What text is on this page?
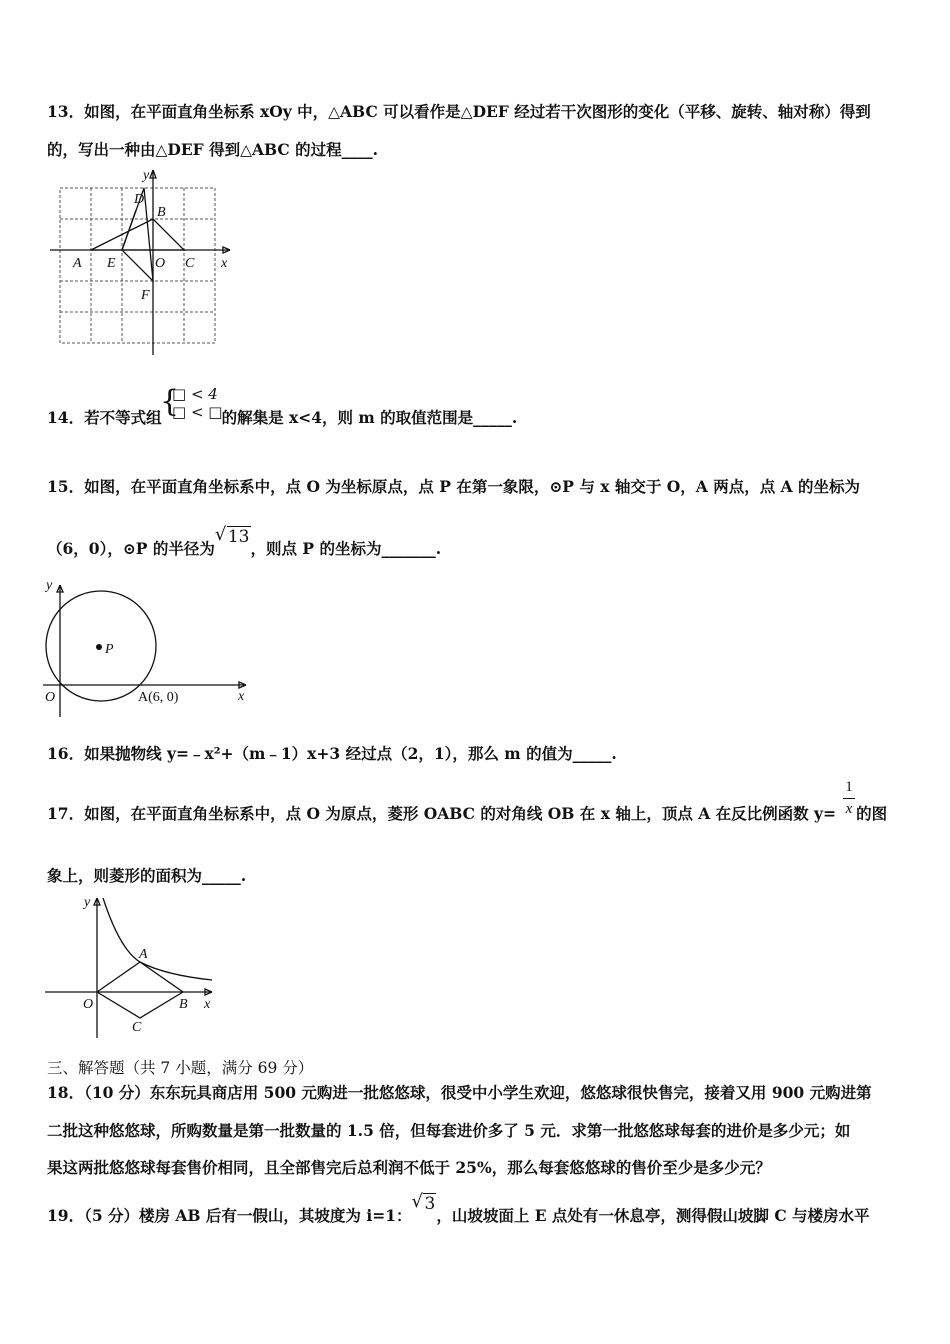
13．如图，在平面直角坐标系 xOy 中，△ABC 可以看作是△DEF 经过若干次图形的变化（平移、旋转、轴对称）得到
的，写出一种由△DEF 得到△ABC 的过程____.
y
x
D
B
A E	O C
F
14．若不等式组	的解集是 x<4，则 m 的取值范围是_____.
{
□ < 4
□ < □
15．如图，在平面直角坐标系中，点 O 为坐标原点，点 P 在第一象限，⊙P 与 x 轴交于 O，A 两点，点 A 的坐标为
（6，0），⊙P 的半径为
√ 13，则点 P 的坐标为_______.
y
x
O
P
A(6, 0)
16．如果抛物线 y=﹣x²+（m﹣1）x+3 经过点（2，1），那么 m 的值为_____.
17．如图，在平面直角坐标系中，点 O 为原点，菱形 OABC 的对角线 OB 在 x 轴上，顶点 A 在反比例函数 y= 的图
1
x
象上，则菱形的面积为_____.
y
x
O
A
B
C
三、解答题（共 7 小题，满分 69 分）
18．（10 分）东东玩具商店用 500 元购进一批悠悠球，很受中小学生欢迎，悠悠球很快售完，接着又用 900 元购进第
二批这种悠悠球，所购数量是第一批数量的 1.5 倍，但每套进价多了 5 元．求第一批悠悠球每套的进价是多少元；如
果这两批悠悠球每套售价相同，且全部售完后总利润不低于 25%，那么每套悠悠球的售价至少是多少元？
19．（5 分）楼房 AB 后有一假山，其坡度为 i=1：
√ 3，山坡坡面上 E 点处有一休息亭，测得假山坡脚 C 与楼房水平
